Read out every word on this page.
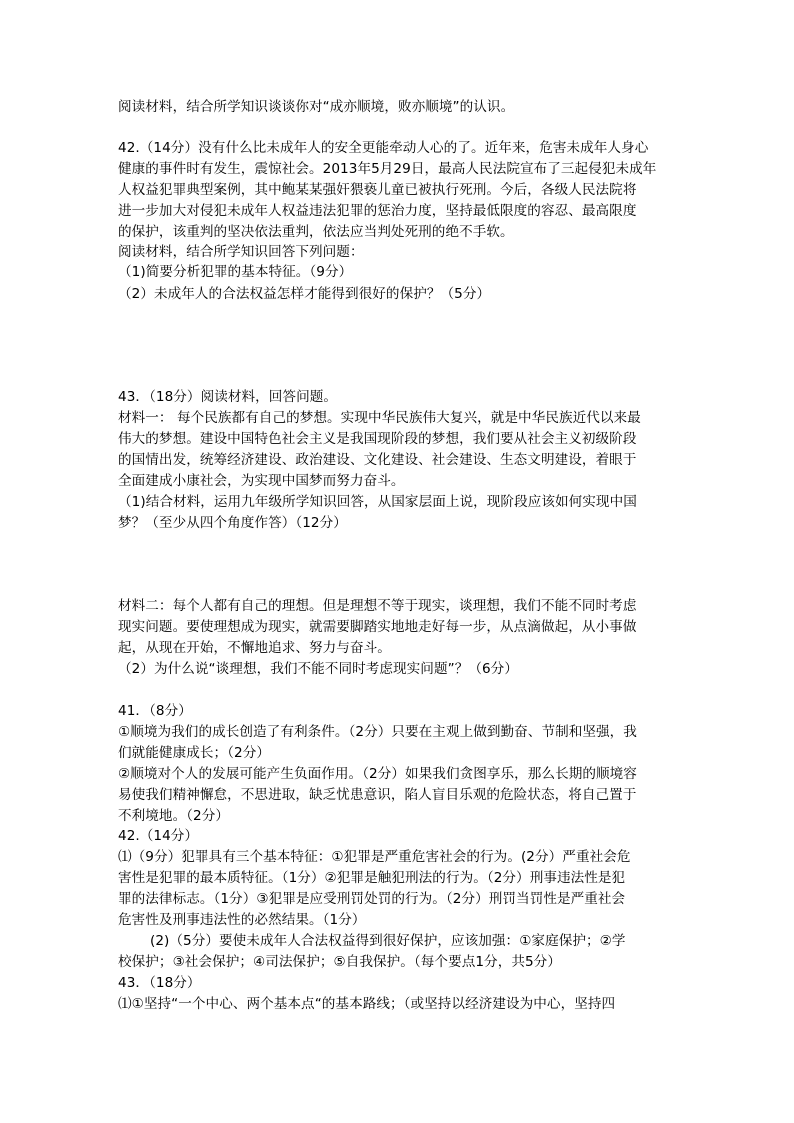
阅读材料，结合所学知识谈谈你对“成亦顺境，败亦顺境”的认识。
42.（14分）没有什么比未成年人的安全更能牵动人心的了。近年来，危害未成年人身心
健康的事件时有发生，震惊社会。2013年5月29日，最高人民法院宣布了三起侵犯未成年
人权益犯罪典型案例，其中鲍某某强奸猥亵儿童已被执行死刑。今后，各级人民法院将
进一步加大对侵犯未成年人权益违法犯罪的惩治力度，坚持最低限度的容忍、最高限度
的保护，该重判的坚决依法重判，依法应当判处死刑的绝不手软。
阅读材料，结合所学知识回答下列问题：
（1)简要分析犯罪的基本特征。（9分）
（2）未成年人的合法权益怎样才能得到很好的保护？（5分）
43．（18分）阅读材料，回答问题。
材料一： 每个民族都有自己的梦想。实现中华民族伟大复兴，就是中华民族近代以来最
伟大的梦想。建设中国特色社会主义是我国现阶段的梦想，我们要从社会主义初级阶段
的国情出发，统筹经济建设、政治建设、文化建设、社会建设、生态文明建设，着眼于
全面建成小康社会，为实现中国梦而努力奋斗。
（1)结合材料，运用九年级所学知识回答，从国家层面上说，现阶段应该如何实现中国
梦？（至少从四个角度作答）（12分）
材料二：每个人都有自己的理想。但是理想不等于现实，谈理想，我们不能不同时考虑
现实问题。要使理想成为现实，就需要脚踏实地地走好每一步，从点滴做起，从小事做
起，从现在开始，不懈地追求、努力与奋斗。
（2）为什么说“谈理想，我们不能不同时考虑现实问题”？（6分）
41．（8分）
①顺境为我们的成长创造了有利条件。（2分）只要在主观上做到勤奋、节制和坚强，我
们就能健康成长；（2分）
②顺境对个人的发展可能产生负面作用。（2分）如果我们贪图享乐，那么长期的顺境容
易使我们精神懈怠，不思进取，缺乏忧患意识，陷人盲目乐观的危险状态，将自己置于
不利境地。（2分）
42.（14分）
⑴（9分）犯罪具有三个基本特征：①犯罪是严重危害社会的行为。(2分）严重社会危
害性是犯罪的最本质特征。（1分）②犯罪是触犯刑法的行为。（2分）刑事违法性是犯
罪的法律标志。（1分）③犯罪是应受刑罚处罚的行为。（2分）刑罚当罚性是严重社会
危害性及刑事违法性的必然结果。（1分）
(2)（5分）要使未成年人合法权益得到很好保护，应该加强：①家庭保护；②学
校保护；③社会保护；④司法保护；⑤自我保护。（每个要点1分，共5分）
43．（18分）
⑴①坚持“一个中心、两个基本点“的基本路线；（或坚持以经济建设为中心，坚持四
